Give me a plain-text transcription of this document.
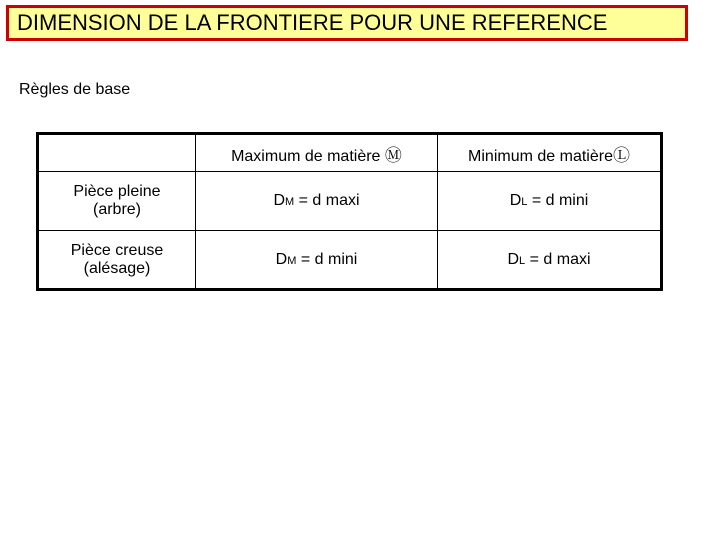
DIMENSION DE LA FRONTIERE POUR UNE REFERENCE
Règles de base
	Maximum de matière Ⓜ	Minimum de matièreⓁ

Pièce pleine
(arbre)	DM = d maxi	DL = d mini

Pièce creuse
(alésage)	DM = d mini	DL = d maxi
